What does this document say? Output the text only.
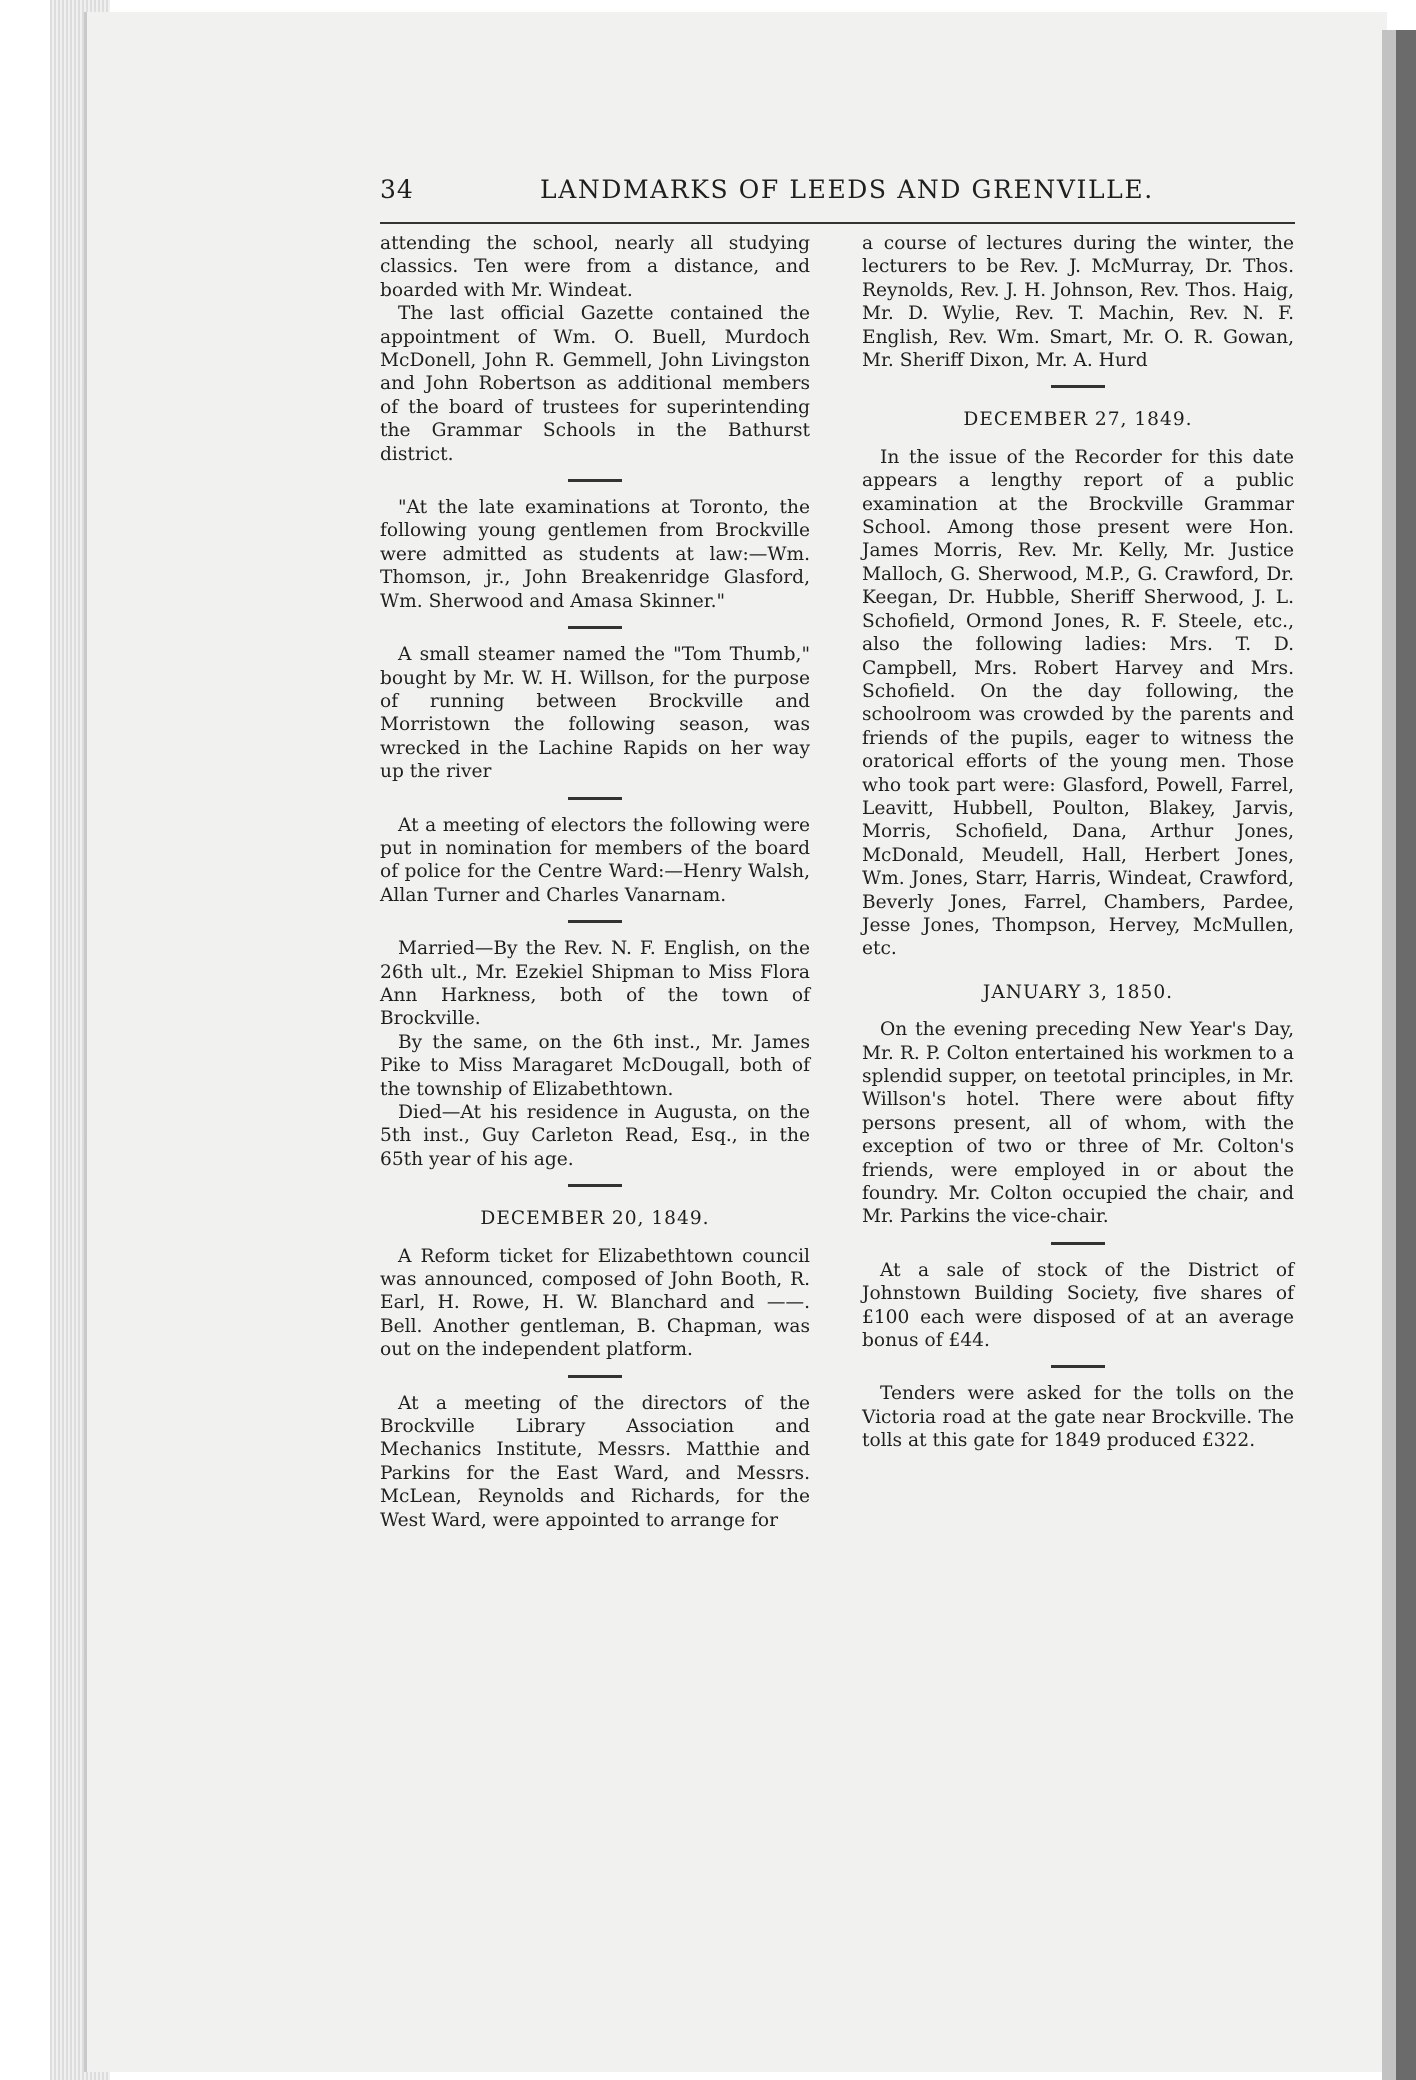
34	LANDMARKS OF LEEDS AND GRENVILLE.

attending the school, nearly all studying classics. Ten were from a distance, and boarded with Mr. Windeat.

The last official Gazette contained the appointment of Wm. O. Buell, Murdoch McDonell, John R. Gemmell, John Livingston and John Robertson as additional members of the board of trustees for superintending the Grammar Schools in the Bathurst district.

"At the late examinations at Toronto, the following young gentlemen from Brockville were admitted as students at law:—Wm. Thomson, jr., John Breakenridge Glasford, Wm. Sherwood and Amasa Skinner."

A small steamer named the "Tom Thumb," bought by Mr. W. H. Willson, for the purpose of running between Brockville and Morristown the following season, was wrecked in the Lachine Rapids on her way up the river

At a meeting of electors the following were put in nomination for members of the board of police for the Centre Ward:—Henry Walsh, Allan Turner and Charles Vanarnam.

Married—By the Rev. N. F. English, on the 26th ult., Mr. Ezekiel Shipman to Miss Flora Ann Harkness, both of the town of Brockville.

By the same, on the 6th inst., Mr. James Pike to Miss Maragaret McDougall, both of the township of Elizabethtown.

Died—At his residence in Augusta, on the 5th inst., Guy Carleton Read, Esq., in the 65th year of his age.

DECEMBER 20, 1849.

A Reform ticket for Elizabethtown council was announced, composed of John Booth, R. Earl, H. Rowe, H. W. Blanchard and ——. Bell. Another gentleman, B. Chapman, was out on the independent platform.

At a meeting of the directors of the Brockville Library Association and Mechanics Institute, Messrs. Matthie and Parkins for the East Ward, and Messrs. McLean, Reynolds and Richards, for the West Ward, were appointed to arrange for

a course of lectures during the winter, the lecturers to be Rev. J. McMurray, Dr. Thos. Reynolds, Rev. J. H. Johnson, Rev. Thos. Haig, Mr. D. Wylie, Rev. T. Machin, Rev. N. F. English, Rev. Wm. Smart, Mr. O. R. Gowan, Mr. Sheriff Dixon, Mr. A. Hurd

DECEMBER 27, 1849.

In the issue of the Recorder for this date appears a lengthy report of a public examination at the Brockville Grammar School. Among those present were Hon. James Morris, Rev. Mr. Kelly, Mr. Justice Malloch, G. Sherwood, M.P., G. Crawford, Dr. Keegan, Dr. Hubble, Sheriff Sherwood, J. L. Schofield, Ormond Jones, R. F. Steele, etc., also the following ladies: Mrs. T. D. Campbell, Mrs. Robert Harvey and Mrs. Schofield. On the day following, the schoolroom was crowded by the parents and friends of the pupils, eager to witness the oratorical efforts of the young men. Those who took part were: Glasford, Powell, Farrel, Leavitt, Hubbell, Poulton, Blakey, Jarvis, Morris, Schofield, Dana, Arthur Jones, McDonald, Meudell, Hall, Herbert Jones, Wm. Jones, Starr, Harris, Windeat, Crawford, Beverly Jones, Farrel, Chambers, Pardee, Jesse Jones, Thompson, Hervey, McMullen, etc.

JANUARY 3, 1850.

On the evening preceding New Year's Day, Mr. R. P. Colton entertained his workmen to a splendid supper, on teetotal principles, in Mr. Willson's hotel. There were about fifty persons present, all of whom, with the exception of two or three of Mr. Colton's friends, were employed in or about the foundry. Mr. Colton occupied the chair, and Mr. Parkins the vice-chair.

At a sale of stock of the District of Johnstown Building Society, five shares of £100 each were disposed of at an average bonus of £44.

Tenders were asked for the tolls on the Victoria road at the gate near Brockville. The tolls at this gate for 1849 produced £322.
